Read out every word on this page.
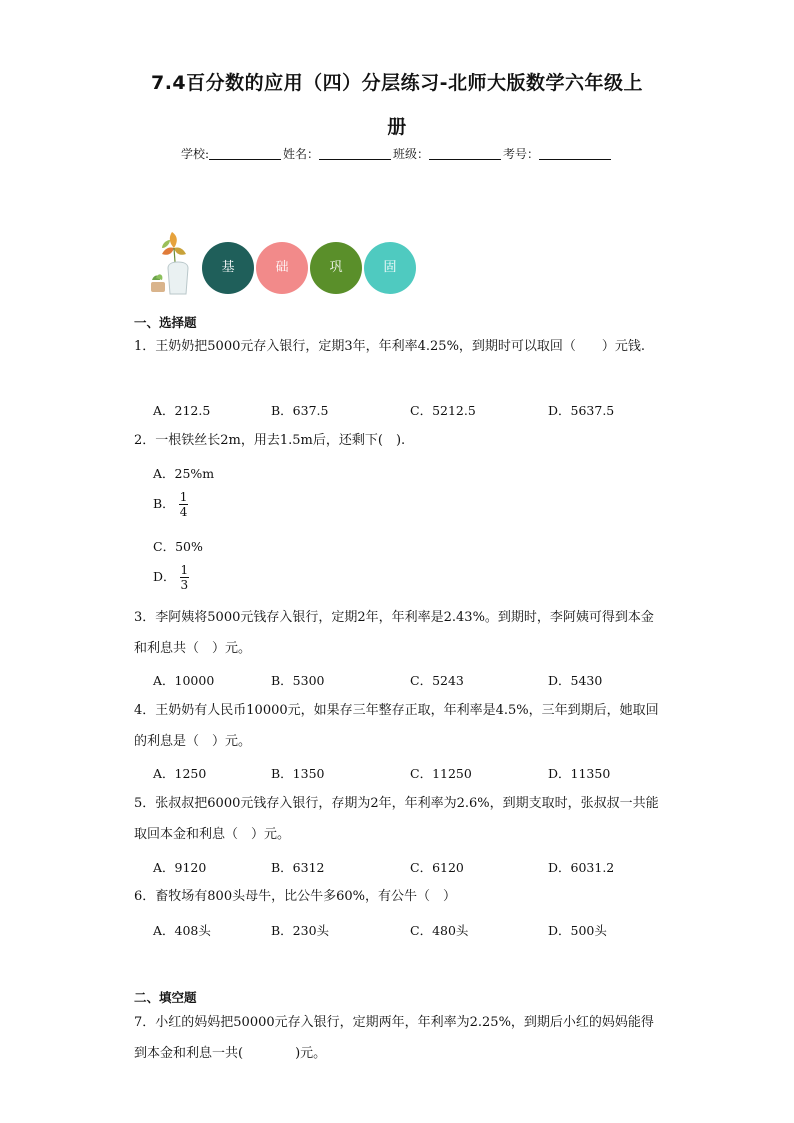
7.4百分数的应用（四）分层练习-北师大版数学六年级上
册
学校:	姓名：	班级：	考号：
基	础	巩	固
一、选择题
1．王奶奶把5000元存入银行，定期3年，年利率4.25%，到期时可以取回（　　）元钱.
A．212.5	B．637.5	C．5212.5	D．5637.5
2．一根铁丝长2m，用去1.5m后，还剩下(　).
A．25%m
B． $\frac{1}{4}$
C．50%
D． $\frac{1}{3}$
3．李阿姨将5000元钱存入银行，定期2年，年利率是2.43%。到期时，李阿姨可得到本金和利息共（　）元。
A．10000	B．5300	C．5243	D．5430
4．王奶奶有人民币10000元，如果存三年整存正取，年利率是4.5%，三年到期后，她取回的利息是（　）元。
A．1250	B．1350	C．11250	D．11350
5．张叔叔把6000元钱存入银行，存期为2年，年利率为2.6%，到期支取时，张叔叔一共能取回本金和利息（　）元。
A．9120	B．6312	C．6120	D．6031.2
6．畜牧场有800头母牛，比公牛多60%，有公牛（　）
A．408头	B．230头	C．480头	D．500头
二、填空题
7．小红的妈妈把50000元存入银行，定期两年，年利率为2.25%，到期后小红的妈妈能得到本金和利息一共(　　　　)元。
